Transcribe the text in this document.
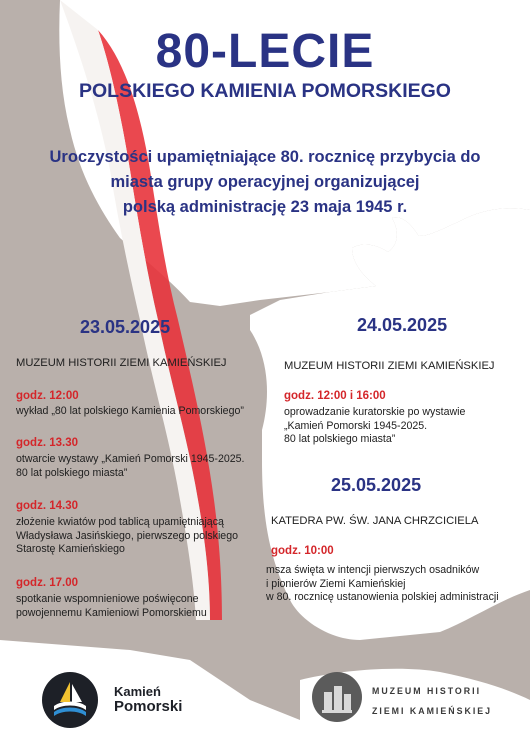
80-LECIE
POLSKIEGO KAMIENIA POMORSKIEGO
Uroczystości upamiętniające 80. rocznicę przybycia do
miasta grupy operacyjnej organizującej
polską administrację 23 maja 1945 r.
23.05.2025
MUZEUM HISTORII ZIEMI KAMIEŃSKIEJ
godz. 12:00
wykład „80 lat polskiego Kamienia Pomorskiego”
godz. 13.30
otwarcie wystawy „Kamień Pomorski 1945-2025.
80 lat polskiego miasta”
godz. 14.30
złożenie kwiatów pod tablicą upamiętniającą
Władysława Jasińskiego, pierwszego polskiego
Starostę Kamieńskiego
godz. 17.00
spotkanie wspomnieniowe poświęcone
powojennemu Kamieniowi Pomorskiemu
24.05.2025
MUZEUM HISTORII ZIEMI KAMIEŃSKIEJ
godz. 12:00 i 16:00
oprowadzanie kuratorskie po wystawie
„Kamień Pomorski 1945-2025.
80 lat polskiego miasta”
25.05.2025
KATEDRA PW. ŚW. JANA CHRZCICIELA
godz. 10:00
msza święta w intencji pierwszych osadników
i pionierów Ziemi Kamieńskiej
w 80. rocznicę ustanowienia polskiej administracji
Kamień
Pomorski
MUZEUM HISTORII
ZIEMI KAMIEŃSKIEJ
